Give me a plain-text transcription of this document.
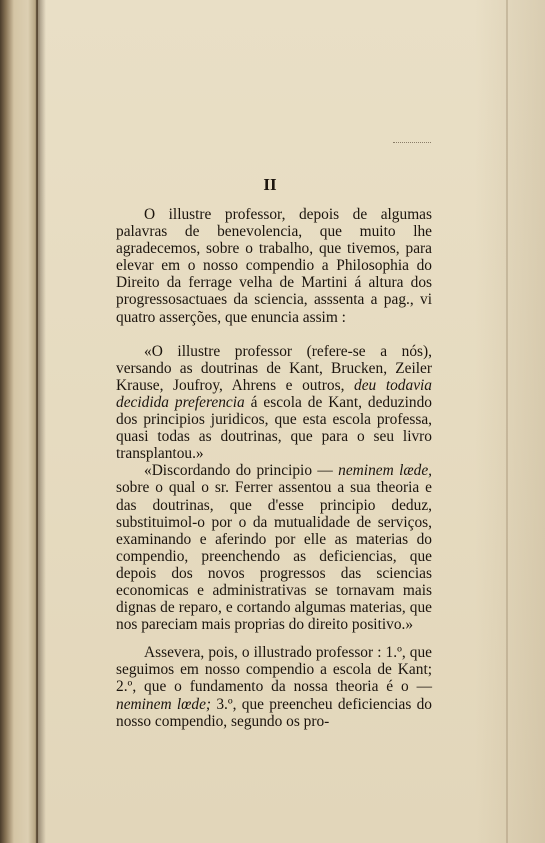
II

O illustre professor, depois de algumas palavras de benevolencia, que muito lhe agradecemos, sobre o trabalho, que tivemos, para elevar em o nosso compendio a Philosophia do Direito da ferrage velha de Martini á altura dos progressosactuaes da sciencia, asssenta a pag., vi quatro asserções, que enuncia assim :

«O illustre professor (refere-se a nós), versando as doutrinas de Kant, Brucken, Zeiler Krause, Joufroy, Ahrens e outros, deu todavia decidida preferencia á escola de Kant, deduzindo dos principios juridicos, que esta escola professa, quasi todas as doutrinas, que para o seu livro transplantou.»

«Discordando do principio — neminem læde, sobre o qual o sr. Ferrer assentou a sua theoria e das doutrinas, que d'esse principio deduz, substituimol-o por o da mutualidade de serviços, examinando e aferindo por elle as materias do compendio, preenchendo as deficiencias, que depois dos novos progressos das sciencias economicas e administrativas se tornavam mais dignas de reparo, e cortando algumas materias, que nos pareciam mais proprias do direito positivo.»

Assevera, pois, o illustrado professor : 1.º, que seguimos em nosso compendio a escola de Kant; 2.º, que o fundamento da nossa theoria é o — neminem lœde; 3.º, que preencheu deficiencias do nosso compendio, segundo os pro-
